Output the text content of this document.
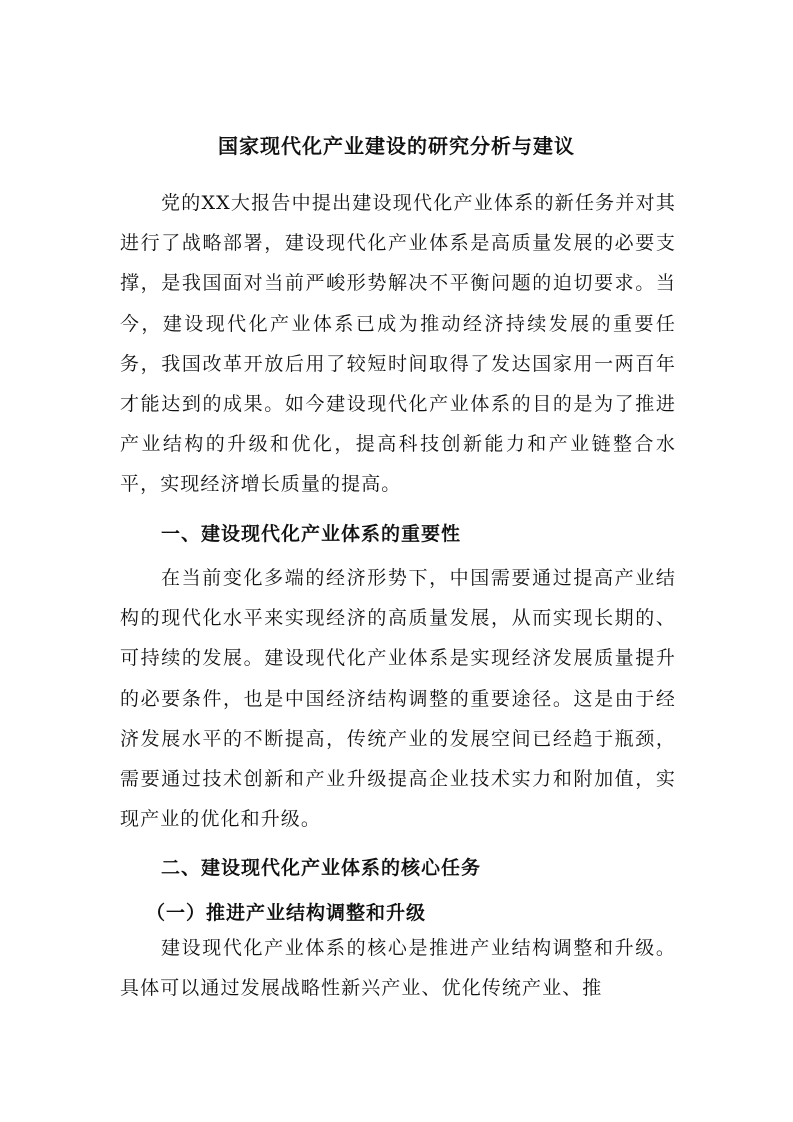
国家现代化产业建设的研究分析与建议

党的XX大报告中提出建设现代化产业体系的新任务并对其进行了战略部署，建设现代化产业体系是高质量发展的必要支撑，是我国面对当前严峻形势解决不平衡问题的迫切要求。当今，建设现代化产业体系已成为推动经济持续发展的重要任务，我国改革开放后用了较短时间取得了发达国家用一两百年才能达到的成果。如今建设现代化产业体系的目的是为了推进产业结构的升级和优化，提高科技创新能力和产业链整合水平，实现经济增长质量的提高。

一、建设现代化产业体系的重要性

在当前变化多端的经济形势下，中国需要通过提高产业结构的现代化水平来实现经济的高质量发展，从而实现长期的、可持续的发展。建设现代化产业体系是实现经济发展质量提升的必要条件，也是中国经济结构调整的重要途径。这是由于经济发展水平的不断提高，传统产业的发展空间已经趋于瓶颈，需要通过技术创新和产业升级提高企业技术实力和附加值，实现产业的优化和升级。

二、建设现代化产业体系的核心任务
（一）推进产业结构调整和升级

建设现代化产业体系的核心是推进产业结构调整和升级。具体可以通过发展战略性新兴产业、优化传统产业、推
